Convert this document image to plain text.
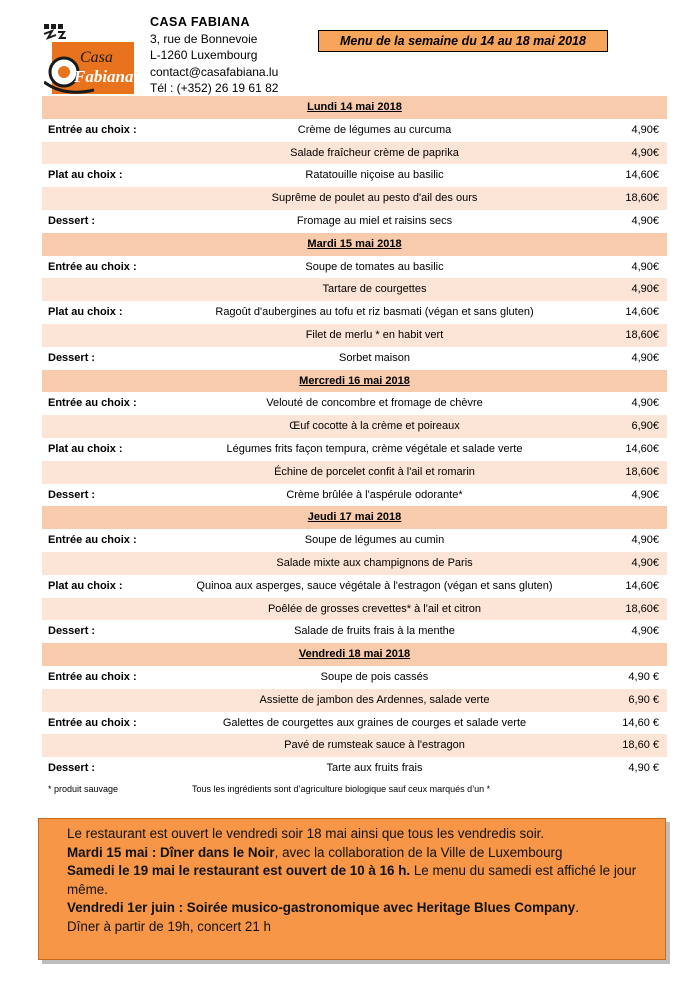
Casa
Fabiana
CASA FABIANA
3, rue de Bonnevoie
L-1260 Luxembourg
contact@casafabiana.lu
Tél : (+352) 26 19 61 82
Menu de la semaine du 14 au 18 mai 2018
Lundi 14 mai 2018
Entrée au choix :	Crème de légumes au curcuma	4,90€
Salade fraîcheur crème de paprika	4,90€
Plat au choix :	Ratatouille niçoise au basilic	14,60€
Suprême de poulet au pesto d'ail des ours	18,60€
Dessert :	Fromage au miel et raisins secs	4,90€
Mardi 15 mai 2018
Entrée au choix :	Soupe de tomates au basilic	4,90€
Tartare de courgettes	4,90€
Plat au choix :	Ragoût d'aubergines au tofu et riz basmati (végan et sans gluten)	14,60€
Filet de merlu * en habit vert	18,60€
Dessert :	Sorbet maison	4,90€
Mercredi 16 mai 2018
Entrée au choix :	Velouté de concombre et fromage de chèvre	4,90€
Œuf cocotte à la crème et poireaux	6,90€
Plat au choix :	Légumes frits façon tempura, crème végétale et salade verte	14,60€
Échine de porcelet confit à l'ail et romarin	18,60€
Dessert :	Crème brûlée à l'aspérule odorante*	4,90€
Jeudi 17 mai 2018
Entrée au choix :	Soupe de légumes au cumin	4,90€
Salade mixte aux champignons de Paris	4,90€
Plat au choix :	Quinoa aux asperges, sauce végétale à l'estragon (végan et sans gluten)	14,60€
Poêlée de grosses crevettes* à l'ail et citron	18,60€
Dessert :	Salade de fruits frais à la menthe	4,90€
Vendredi 18 mai 2018
Entrée au choix :	Soupe de pois cassés	4,90 €
Assiette de jambon des Ardennes, salade verte	6,90 €
Entrée au choix :	Galettes de courgettes aux graines de courges et salade verte	14,60 €
Pavé de rumsteak sauce à l'estragon	18,60 €
Dessert :	Tarte aux fruits frais	4,90 €
* produit sauvage	Tous les ingrédients sont d’agriculture biologique sauf ceux marqués d’un *

Le restaurant est ouvert le vendredi soir 18 mai ainsi que tous les vendredis soir.

Mardi 15 mai : Dîner dans le Noir, avec la collaboration de la Ville de Luxembourg

Samedi le 19 mai le restaurant est ouvert de 10 à 16 h. Le menu du samedi est affiché le jour même.

Vendredi 1er juin : Soirée musico-gastronomique avec Heritage Blues Company.

Dîner à partir de 19h, concert 21 h
